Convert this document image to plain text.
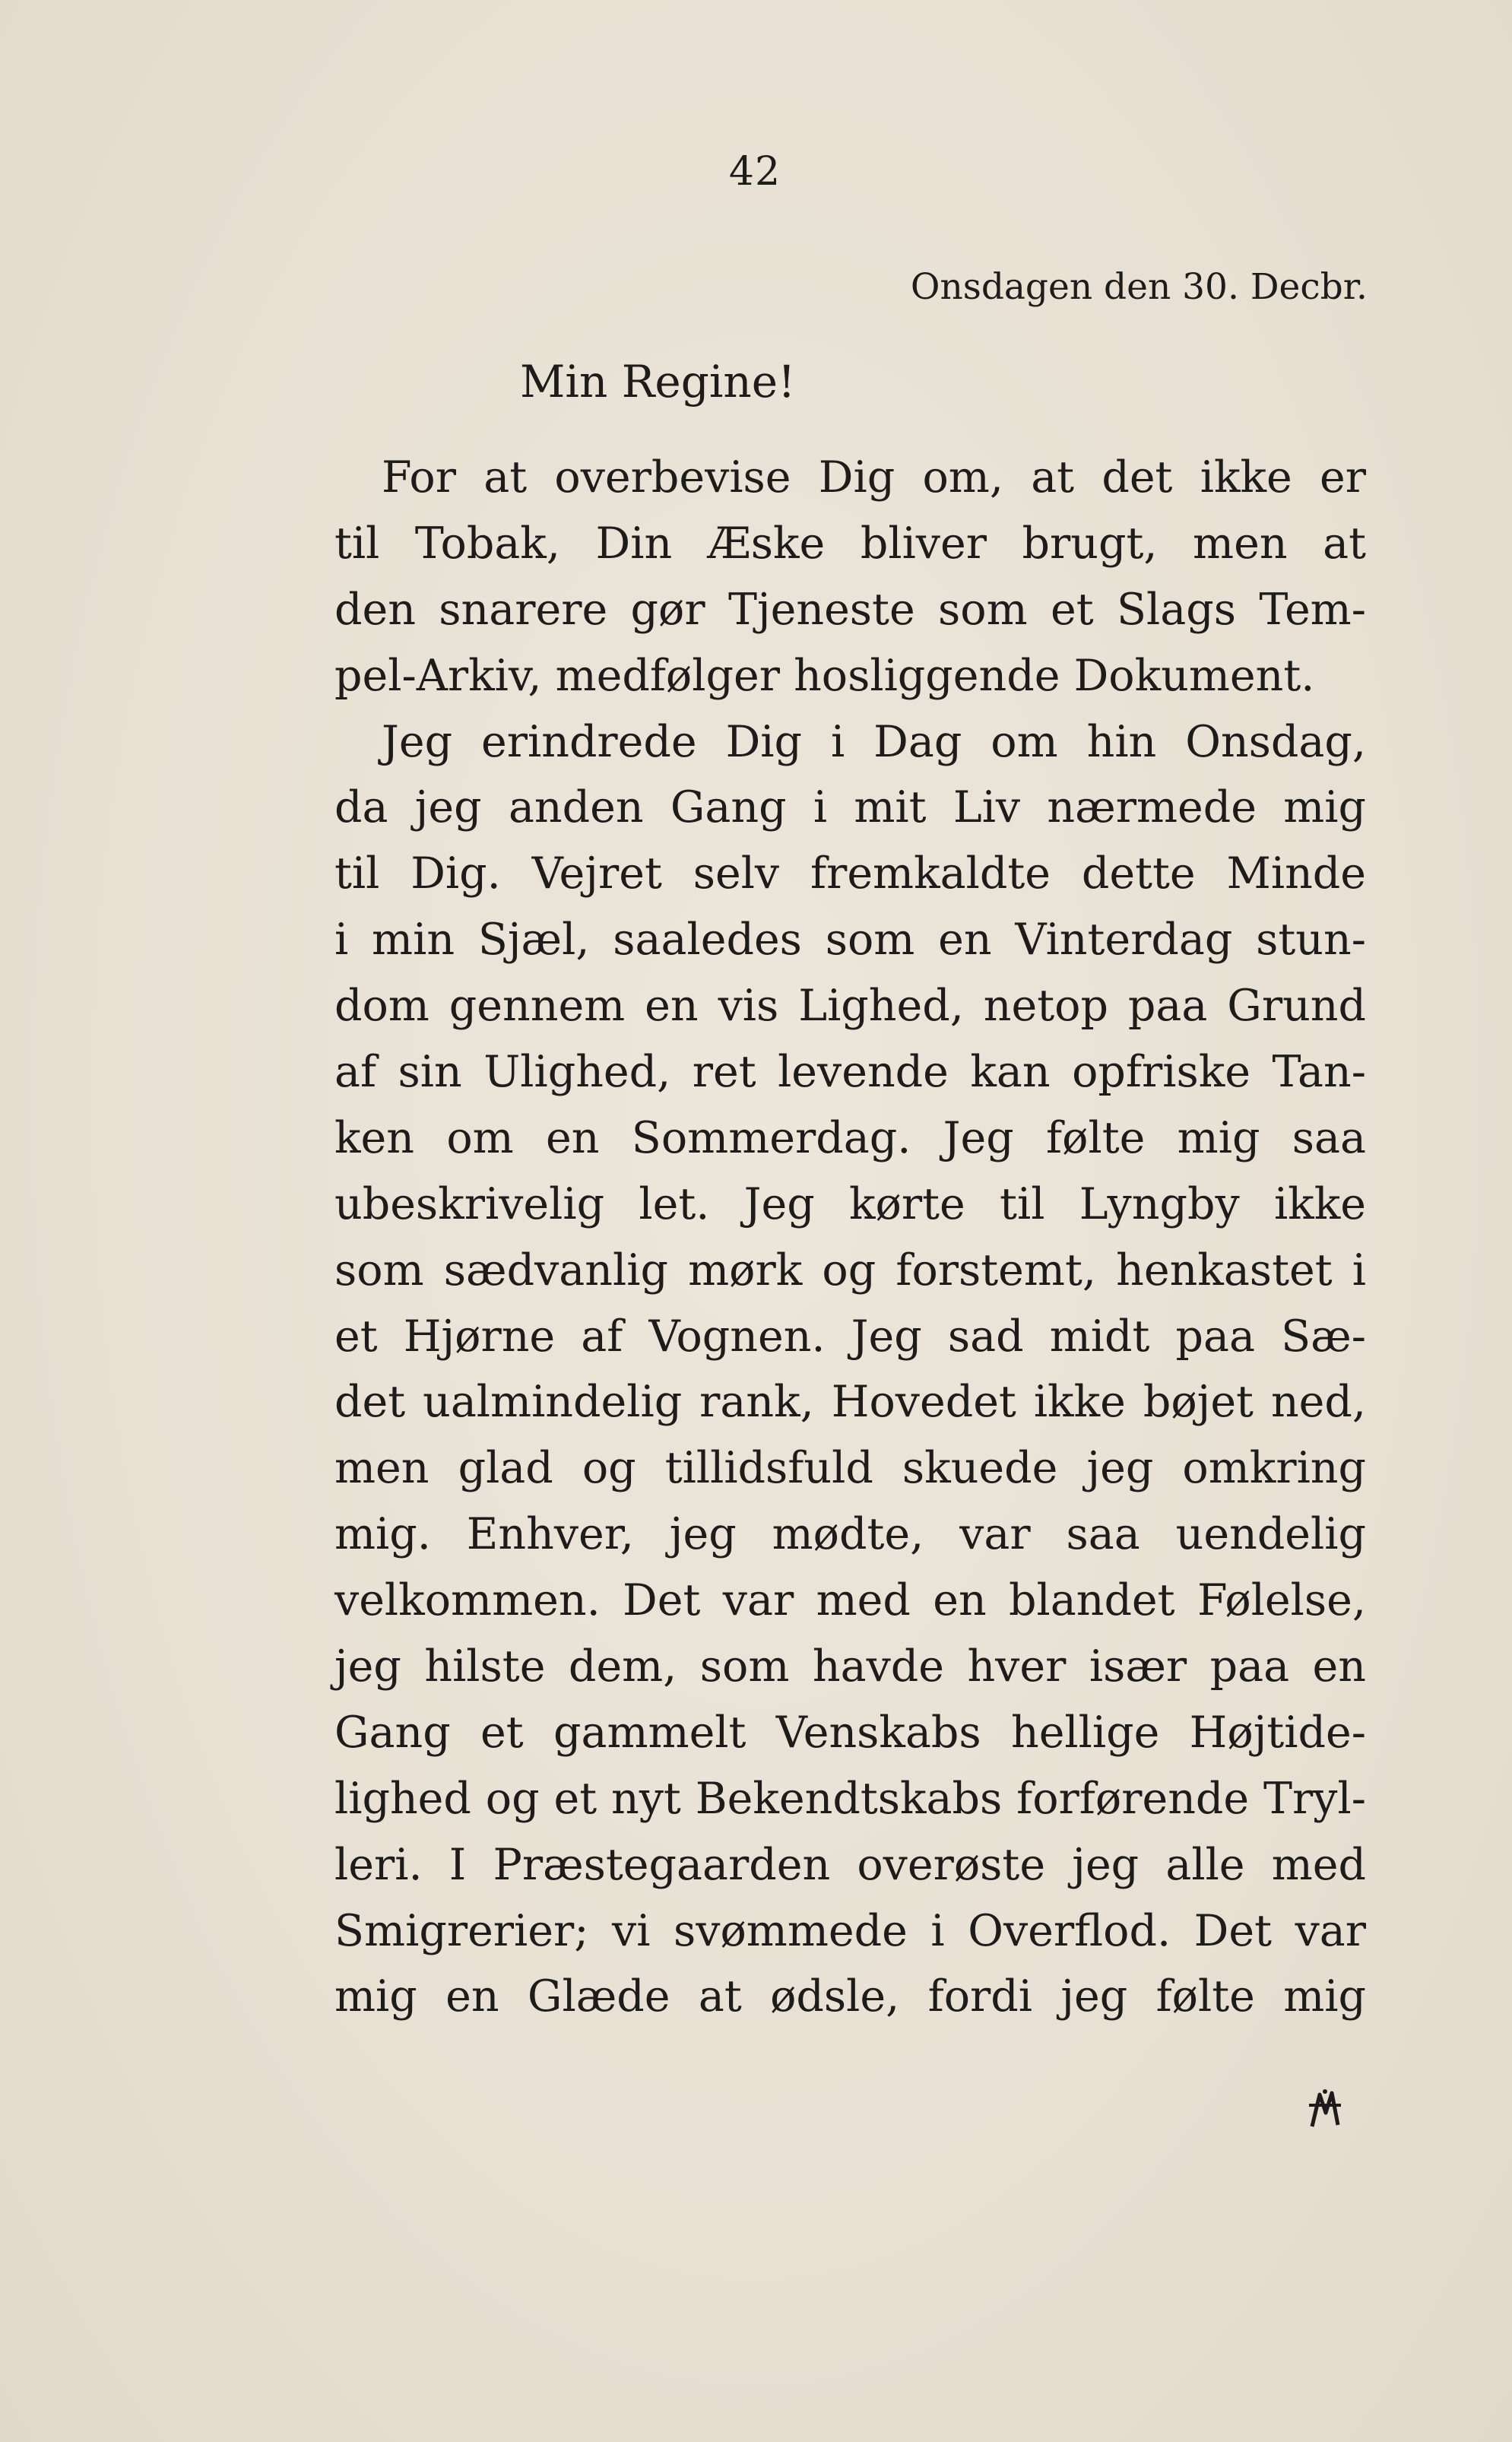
42
Onsdagen den 30. Decbr.
Min Regine!
For at overbevise Dig om, at det ikke er
til Tobak, Din Æske bliver brugt, men at
den snarere gør Tjeneste som et Slags Tem-
pel-Arkiv, medfølger hosliggende Dokument.
Jeg erindrede Dig i Dag om hin Onsdag,
da jeg anden Gang i mit Liv nærmede mig
til Dig. Vejret selv fremkaldte dette Minde
i min Sjæl, saaledes som en Vinterdag stun-
dom gennem en vis Lighed, netop paa Grund
af sin Ulighed, ret levende kan opfriske Tan-
ken om en Sommerdag. Jeg følte mig saa
ubeskrivelig let. Jeg kørte til Lyngby ikke
som sædvanlig mørk og forstemt, henkastet i
et Hjørne af Vognen. Jeg sad midt paa Sæ-
det ualmindelig rank, Hovedet ikke bøjet ned,
men glad og tillidsfuld skuede jeg omkring
mig. Enhver, jeg mødte, var saa uendelig
velkommen. Det var med en blandet Følelse,
jeg hilste dem, som havde hver især paa en
Gang et gammelt Venskabs hellige Højtide-
lighed og et nyt Bekendtskabs forførende Tryl-
leri. I Præstegaarden overøste jeg alle med
Smigrerier; vi svømmede i Overflod. Det var
mig en Glæde at ødsle, fordi jeg følte mig
